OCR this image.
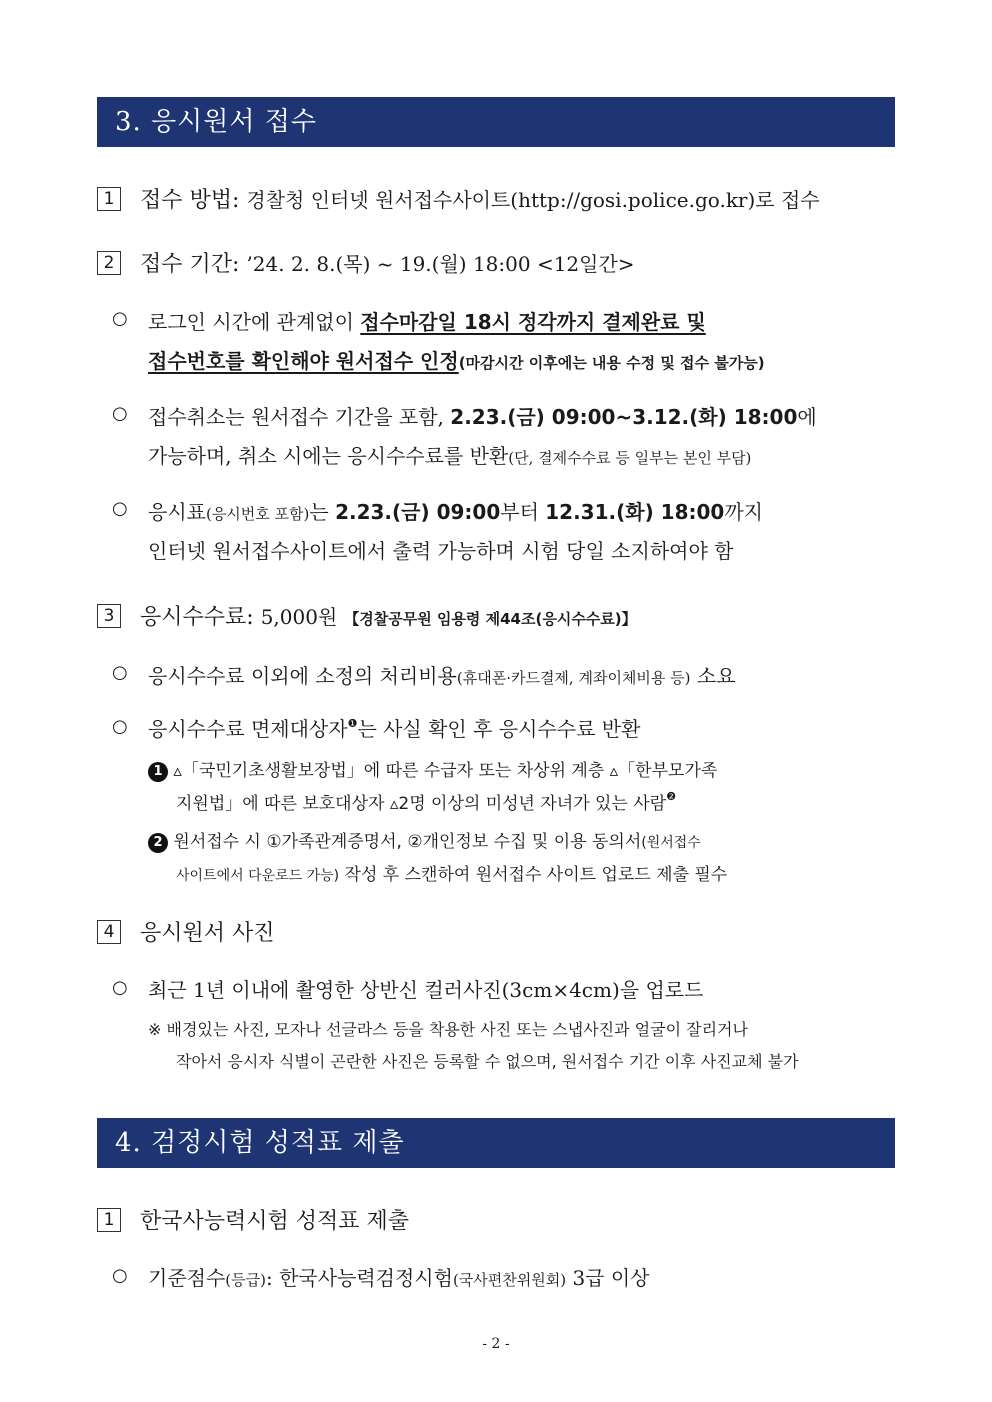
3. 응시원서 접수
1 접수 방법: 경찰청 인터넷 원서접수사이트(http://gosi.police.go.kr)로 접수
2 접수 기간: ’24. 2. 8.(목) ~ 19.(월) 18:00 <12일간>
○ 로그인 시간에 관계없이 접수마감일 18시 정각까지 결제완료 및
접수번호를 확인해야 원서접수 인정(마감시간 이후에는 내용 수정 및 접수 불가능)
○ 접수취소는 원서접수 기간을 포함, 2.23.(금) 09:00~3.12.(화) 18:00에
가능하며, 취소 시에는 응시수수료를 반환(단, 결제수수료 등 일부는 본인 부담)
○ 응시표(응시번호 포함)는 2.23.(금) 09:00부터 12.31.(화) 18:00까지
인터넷 원서접수사이트에서 출력 가능하며 시험 당일 소지하여야 함
3 응시수수료: 5,000원 【경찰공무원 임용령 제44조(응시수수료)】
○ 응시수수료 이외에 소정의 처리비용(휴대폰·카드결제, 계좌이체비용 등) 소요
○ 응시수수료 면제대상자$^❶$는 사실 확인 후 응시수수료 반환
1 ▵「국민기초생활보장법」에 따른 수급자 또는 차상위 계층 ▵「한부모가족
지원법」에 따른 보호대상자 ▵2명 이상의 미성년 자녀가 있는 사람$^❷$
2 원서접수 시 ①가족관계증명서, ②개인정보 수집 및 이용 동의서(원서접수
사이트에서 다운로드 가능) 작성 후 스캔하여 원서접수 사이트 업로드 제출 필수
4 응시원서 사진
○ 최근 1년 이내에 촬영한 상반신 컬러사진(3cm×4cm)을 업로드
※ 배경있는 사진, 모자나 선글라스 등을 착용한 사진 또는 스냅사진과 얼굴이 잘리거나
작아서 응시자 식별이 곤란한 사진은 등록할 수 없으며, 원서접수 기간 이후 사진교체 불가
4. 검정시험 성적표 제출
1 한국사능력시험 성적표 제출
○ 기준점수(등급): 한국사능력검정시험(국사편찬위원회) 3급 이상
- 2 -
